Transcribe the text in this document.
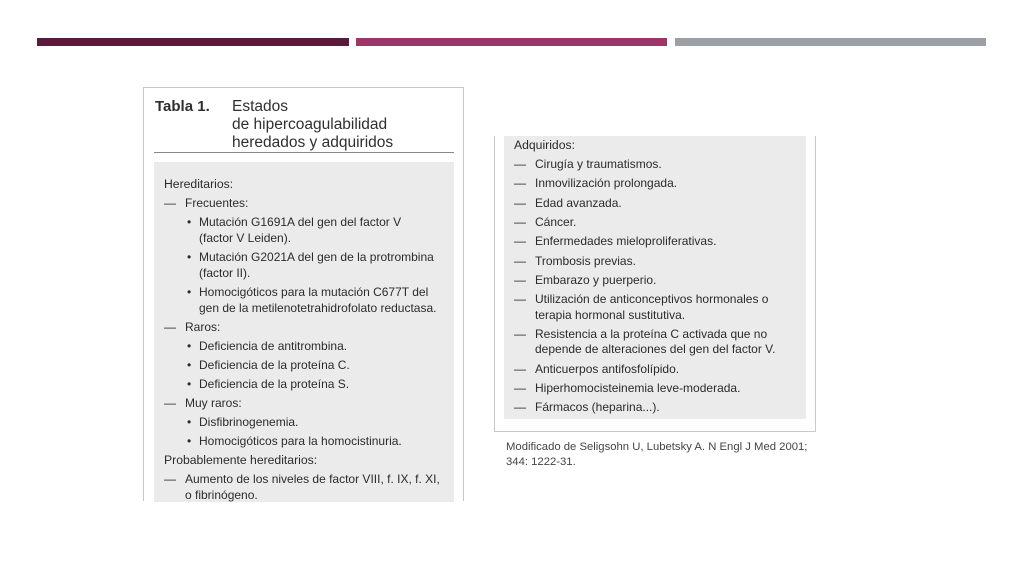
Tabla 1. Estados
de hipercoagulabilidad
heredados y adquiridos
Hereditarios:
— Frecuentes:
• Mutación G1691A del gen del factor V
(factor V Leiden).
• Mutación G2021A del gen de la protrombina
(factor II).
• Homocigóticos para la mutación C677T del
gen de la metilenotetrahidrofolato reductasa.
— Raros:
• Deficiencia de antitrombina.
• Deficiencia de la proteína C.
• Deficiencia de la proteína S.
— Muy raros:
• Disfibrinogenemia.
• Homocigóticos para la homocistinuria.
Probablemente hereditarios:
— Aumento de los niveles de factor VIII, f. IX, f. XI,
o fibrinógeno.
Adquiridos:
— Cirugía y traumatismos.
— Inmovilización prolongada.
— Edad avanzada.
— Cáncer.
— Enfermedades mieloproliferativas.
— Trombosis previas.
— Embarazo y puerperio.
— Utilización de anticonceptivos hormonales o
terapia hormonal sustitutiva.
— Resistencia a la proteína C activada que no
depende de alteraciones del gen del factor V.
— Anticuerpos antifosfolípido.
— Hiperhomocisteinemia leve-moderada.
— Fármacos (heparina...).
Modificado de Seligsohn U, Lubetsky A. N Engl J Med 2001;
344: 1222-31.
